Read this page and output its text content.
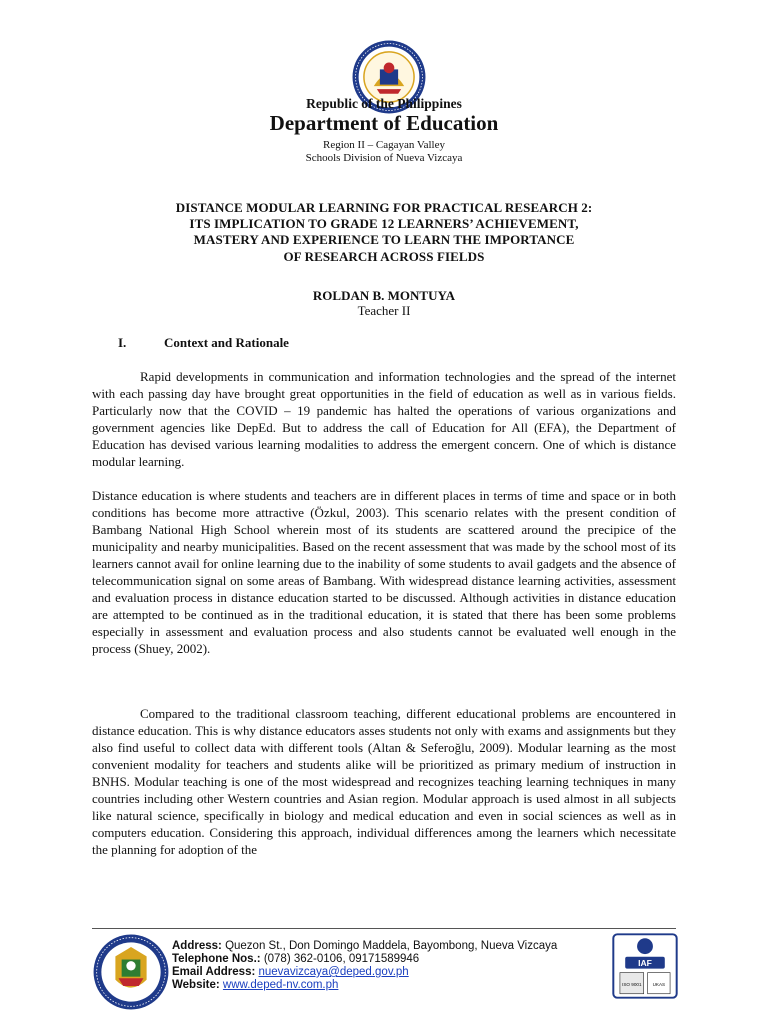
Republic of the Philippines
Department of Education
Region II – Cagayan Valley
Schools Division of Nueva Vizcaya
DISTANCE MODULAR LEARNING FOR PRACTICAL RESEARCH 2:
ITS IMPLICATION TO GRADE 12 LEARNERS’ ACHIEVEMENT,
MASTERY AND EXPERIENCE TO LEARN THE IMPORTANCE
OF RESEARCH ACROSS FIELDS
ROLDAN B. MONTUYA
Teacher II
I.	Context and Rationale

Rapid developments in communication and information technologies and the spread of the internet with each passing day have brought great opportunities in the field of education as well as in various fields. Particularly now that the COVID – 19 pandemic has halted the operations of various organizations and government agencies like DepEd. But to address the call of Education for All (EFA), the Department of Education has devised various learning modalities to address the emergent concern. One of which is distance modular learning.

Distance education is where students and teachers are in different places in terms of time and space or in both conditions has become more attractive (Özkul, 2003). This scenario relates with the present condition of Bambang National High School wherein most of its students are scattered around the precipice of the municipality and nearby municipalities. Based on the recent assessment that was made by the school most of its learners cannot avail for online learning due to the inability of some students to avail gadgets and the absence of telecommunication signal on some areas of Bambang. With widespread distance learning activities, assessment and evaluation process in distance education started to be discussed. Although activities in distance education are attempted to be continued as in the traditional education, it is stated that there has been some problems especially in assessment and evaluation process and also students cannot be evaluated well enough in the process (Shuey, 2002).

Compared to the traditional classroom teaching, different educational problems are encountered in distance education. This is why distance educators asses students not only with exams and assignments but they also find useful to collect data with different tools (Altan & Seferoğlu, 2009). Modular learning as the most convenient modality for teachers and students alike will be prioritized as primary medium of instruction in BNHS. Modular teaching is one of the most widespread and recognizes teaching learning techniques in many countries including other Western countries and Asian region. Modular approach is used almost in all subjects like natural science, specifically in biology and medical education and even in social sciences as well as in computers education. Considering this approach, individual differences among the learners which necessitate the planning for adoption of the

Address: Quezon St., Don Domingo Maddela, Bayombong, Nueva Vizcaya
Telephone Nos.: (078) 362-0106, 09171589946
Email Address: nuevavizcaya@deped.gov.ph
Website: www.deped-nv.com.ph
IAF
ISO 9001 UKAS
